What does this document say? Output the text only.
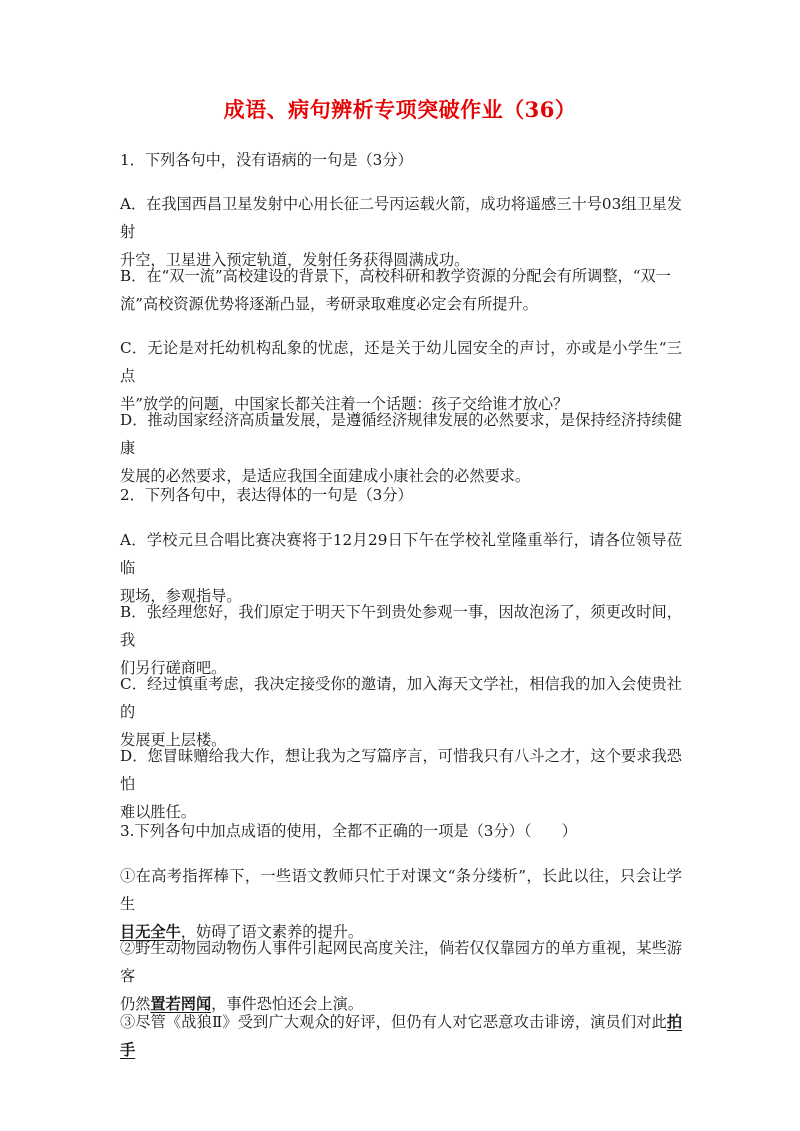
成语、病句辨析专项突破作业（36）
1．下列各句中，没有语病的一句是（3分）
A．在我国西昌卫星发射中心用长征二号丙运载火箭，成功将遥感三十号03组卫星发射
升空，卫星进入预定轨道，发射任务获得圆满成功。
B．在“双一流”高校建设的背景下，高校科研和教学资源的分配会有所调整，“双一
流”高校资源优势将逐渐凸显，考研录取难度必定会有所提升。
C．无论是对托幼机构乱象的忧虑，还是关于幼儿园安全的声讨，亦或是小学生“三点
半”放学的问题，中国家长都关注着一个话题：孩子交给谁才放心？
D．推动国家经济高质量发展，是遵循经济规律发展的必然要求，是保持经济持续健康
发展的必然要求，是适应我国全面建成小康社会的必然要求。
2．下列各句中，表达得体的一句是（3分）
A．学校元旦合唱比赛决赛将于12月29日下午在学校礼堂隆重举行，请各位领导莅临
现场，参观指导。
B．张经理您好，我们原定于明天下午到贵处参观一事，因故泡汤了，须更改时间，我
们另行磋商吧。
C．经过慎重考虑，我决定接受你的邀请，加入海天文学社，相信我的加入会使贵社的
发展更上层楼。
D．您冒昧赠给我大作，想让我为之写篇序言，可惜我只有八斗之才，这个要求我恐怕
难以胜任。
3.下列各句中加点成语的使用，全都不正确的一项是（3分）（　　）
①在高考指挥棒下，一些语文教师只忙于对课文“条分缕析”，长此以往，只会让学生
目无全牛，妨碍了语文素养的提升。
②野生动物园动物伤人事件引起网民高度关注，倘若仅仅靠园方的单方重视，某些游客
仍然置若罔闻，事件恐怕还会上演。
③尽管《战狼Ⅱ》受到广大观众的好评，但仍有人对它恶意攻击诽谤，演员们对此拍手
